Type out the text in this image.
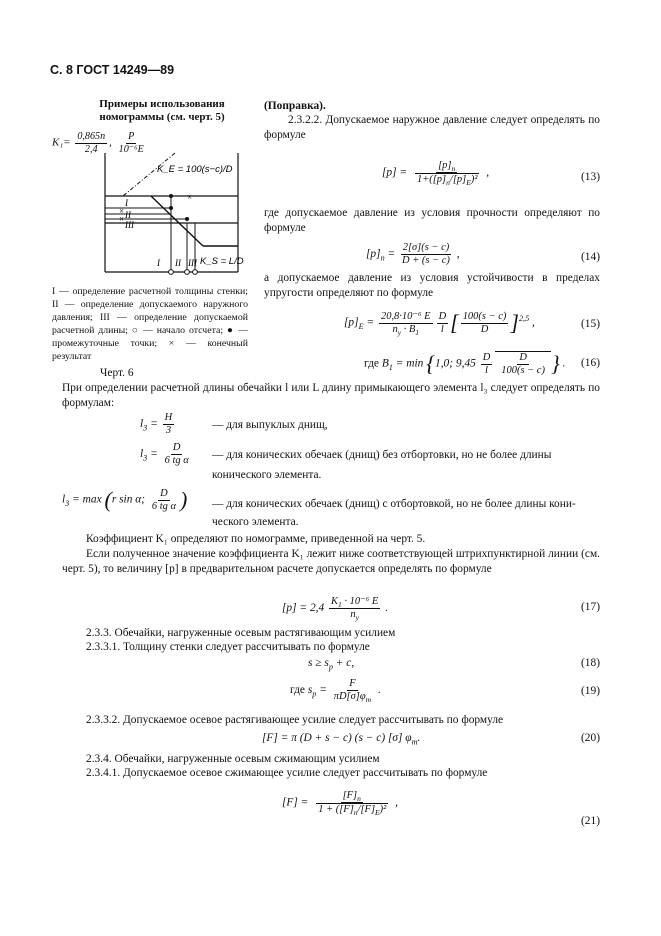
С. 8 ГОСТ 14249—89
Примеры использования номограммы (см. черт. 5)
$K_1= \frac{0,865n}{2,4}$ , $\frac{P}{\text{10⁻⁶E}}$
×
×
×
I II III
I
II
III
K_E = 100(s−c)/D
K_S = L/D
I — определение расчетной толщины стенки; II — определение допускаемого наружного давления; III — определение допускаемой расчетной длины; ○ — начало отсчета; ● — промежуточные точки; × — конечный результат
Черт. 6
(Поправка).
2.3.2.2. Допускаемое наружное давление следует определять по формуле
$[p] = \frac{[p]_п}{1+([p]_п/[p]_E)^2}$ ,	(13)
где допускаемое давление из условия прочности определяют по формуле
$[p]_п = \frac{2[\sigma](s - c)}{D + (s - c)}$ ,	(14)
а допускаемое давление из условия устойчивости в пределах упругости определяют по формуле
$[p]_E = \frac{\text{20,8·10⁻⁶ E}}{n_y \cdot B_1} \frac{D}{l}$ [ $\frac{100(s - c)}{D} ]^{2,5}$ ,	(15)
где $B_1 = \min \{1,0$; $9,45 \frac{D}{l} \frac{D}{100(s - c)}$ } . (16)
При определении расчетной длины обечайки l или L длину примыкающего элемента l₃ следует определять по формулам:
$l_3 = \frac{H}{3}$	— для выпуклых днищ,
$l_3 = \frac{D}{\text{6 tg α}}$ — для конических обечаек (днищ) без отбортовки, но не более длины
конического элемента.
$l_3 = \max (r$ sin α; $\frac{D}{\text{6 tg α}}$ ) — для конических обечаек (днищ) с отбортовкой, но не более длины кони-
ческого элемента.
Коэффициент K₁ определяют по номограмме, приведенной на черт. 5.
Если полученное значение коэффициента K₁ лежит ниже соответствующей штрихпунктирной линии (см. черт. 5), то величину [p] в предварительном расчете допускается определять по формуле
$[p] = 2,4 \frac{K_1 \cdot 10^{-6} E}{n_y}$ .	(17)
2.3.3. Обечайки, нагруженные осевым растягивающим усилием
2.3.3.1. Толщину стенки следует рассчитывать по формуле
$s \ge s_p + c$,	(18)
где $s_p = \frac{F}{\pi D[\sigma]\varphi_т}$ .	(19)
2.3.3.2. Допускаемое осевое растягивающее усилие следует рассчитывать по формуле
[F] = π (D + s − c) (s − c) [σ] $\varphi_т$.	(20)
2.3.4. Обечайки, нагруженные осевым сжимающим усилием
2.3.4.1. Допускаемое осевое сжимающее усилие следует рассчитывать по формуле
$[F] = \frac{[F]_п}{1 + ([F]_п/[F]_E)^2}$ ,
(21)
